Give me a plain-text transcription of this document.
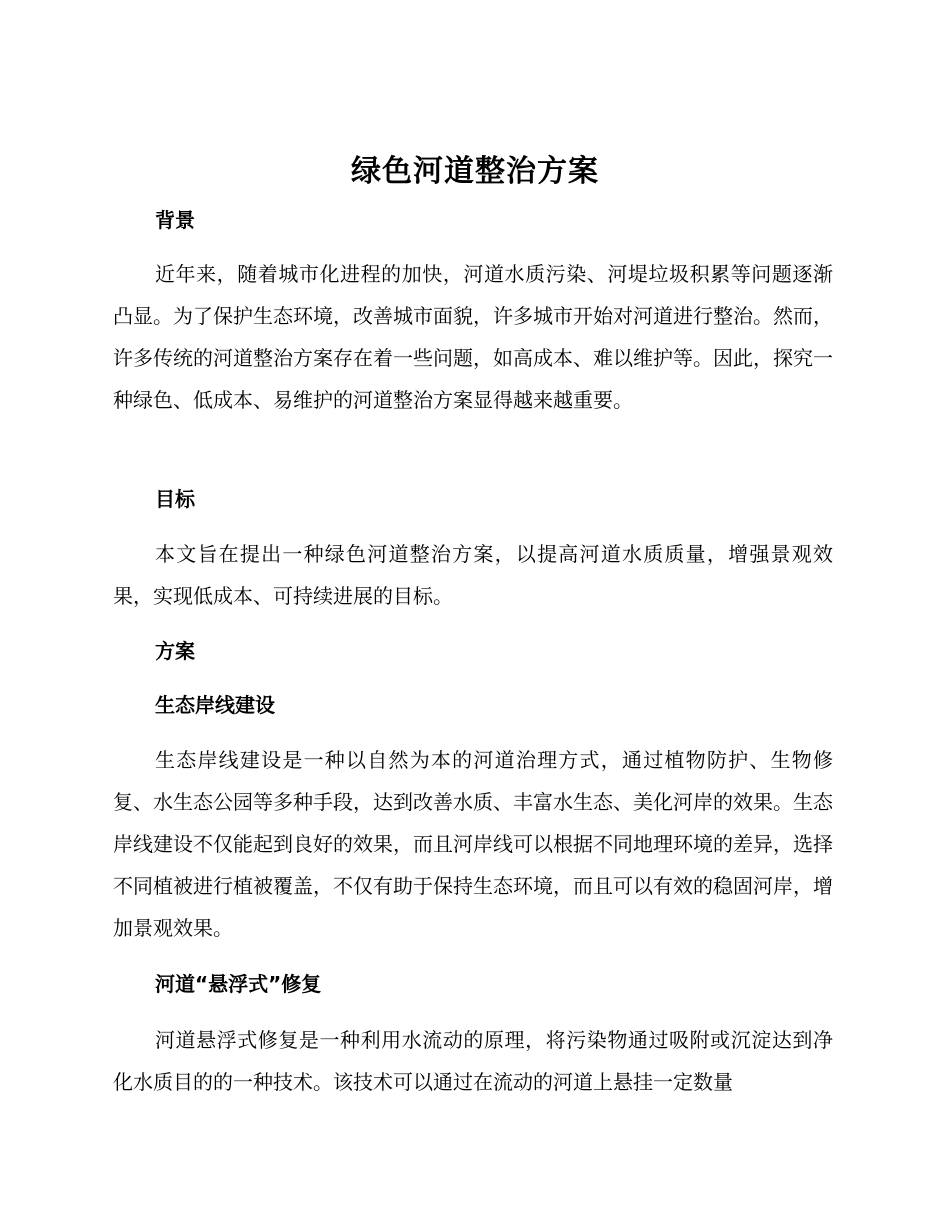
绿色河道整治方案
背景

近年来，随着城市化进程的加快，河道水质污染、河堤垃圾积累等问题逐渐凸显。为了保护生态环境，改善城市面貌，许多城市开始对河道进行整治。然而，许多传统的河道整治方案存在着一些问题，如高成本、难以维护等。因此，探究一种绿色、低成本、易维护的河道整治方案显得越来越重要。

目标

本文旨在提出一种绿色河道整治方案，以提高河道水质质量，增强景观效果，实现低成本、可持续进展的目标。

方案
生态岸线建设

生态岸线建设是一种以自然为本的河道治理方式，通过植物防护、生物修复、水生态公园等多种手段，达到改善水质、丰富水生态、美化河岸的效果。生态岸线建设不仅能起到良好的效果，而且河岸线可以根据不同地理环境的差异，选择不同植被进行植被覆盖，不仅有助于保持生态环境，而且可以有效的稳固河岸，增加景观效果。

河道“悬浮式”修复

河道悬浮式修复是一种利用水流动的原理，将污染物通过吸附或沉淀达到净化水质目的的一种技术。该技术可以通过在流动的河道上悬挂一定数量
